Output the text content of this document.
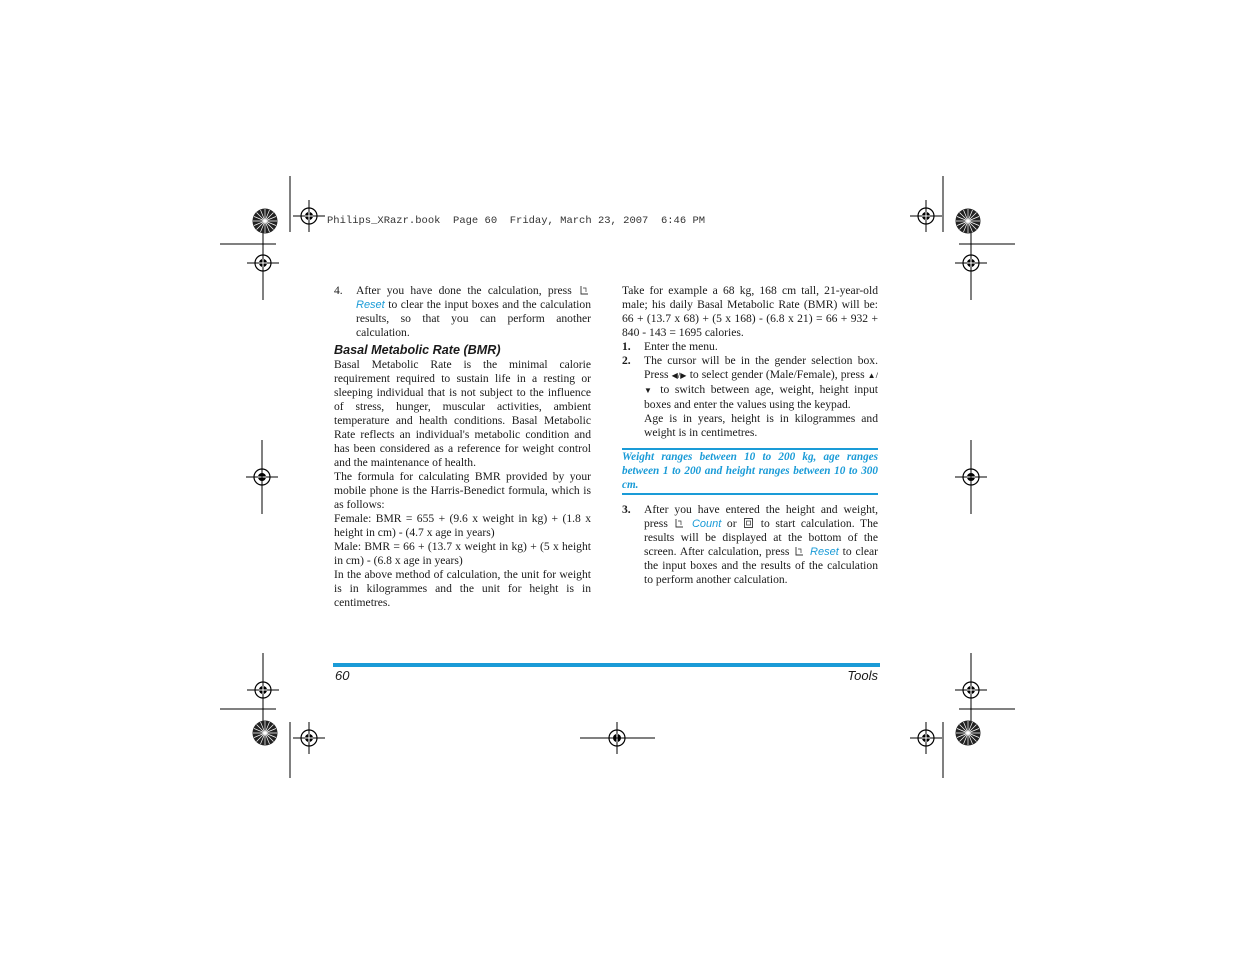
Philips_XRazr.book  Page 60  Friday, March 23, 2007  6:46 PM
4.	After you have done the calculation, press  Reset to clear the input boxes and the calculation results, so that you can perform another calculation.
Basal Metabolic Rate (BMR)

Basal Metabolic Rate is the minimal calorie requirement required to sustain life in a resting or sleeping individual that is not subject to the influence of stress, hunger, muscular activities, ambient temperature and health conditions. Basal Metabolic Rate reflects an individual's metabolic condition and has been considered as a reference for weight control and the maintenance of health.

The formula for calculating BMR provided by your mobile phone is the Harris-Benedict formula, which is as follows:

Female: BMR = 655 + (9.6 x weight in kg) + (1.8 x height in cm) - (4.7 x age in years)

Male: BMR = 66 + (13.7 x weight in kg) + (5 x height in cm) - (6.8 x age in years)

In the above method of calculation, the unit for weight is in kilogrammes and the unit for height is in centimetres.

Take for example a 68 kg, 168 cm tall, 21-year-old male; his daily Basal Metabolic Rate (BMR) will be: 66 + (13.7 x 68) + (5 x 168) - (6.8 x 21) = 66 + 932 + 840 - 143 = 1695 calories.

1.	Enter the menu.
2.	The cursor will be in the gender selection box. Press ◀/▶ to select gender (Male/Female), press ▲/▼ to switch between age, weight, height input boxes and enter the values using the keypad.
Age is in years, height is in kilogrammes and weight is in centimetres.
Weight ranges between 10 to 200 kg, age ranges between 1 to 200 and height ranges between 10 to 300 cm.
3.	After you have entered the height and weight, press Count or to start calculation. The results will be displayed at the bottom of the screen. After calculation, press Reset to clear the input boxes and the results of the calculation to perform another calculation.
60	Tools
